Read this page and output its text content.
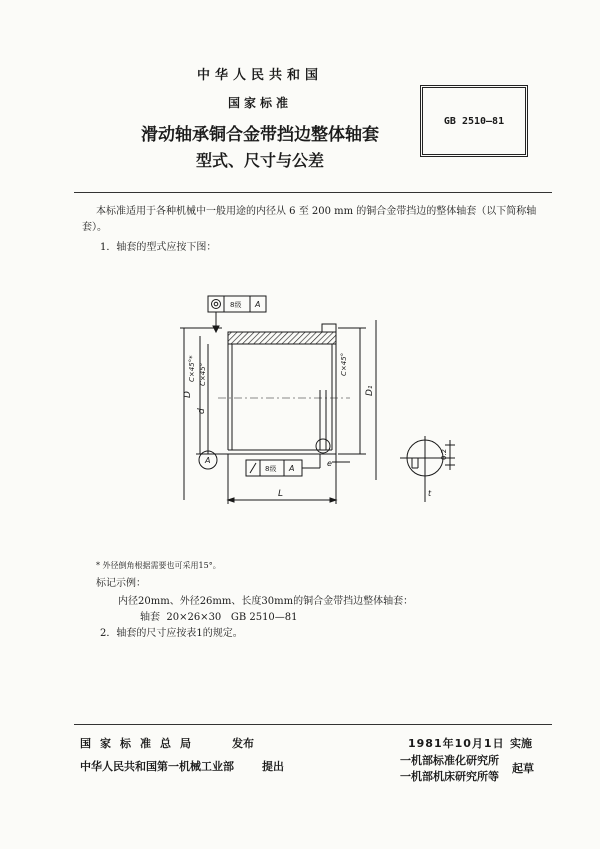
中华人民共和国
国家标准
滑动轴承铜合金带挡边整体轴套
型式、尺寸与公差
GB 2510—81
本标准适用于各种机械中一般用途的内径从 6 至 200 mm 的铜合金带挡边的整体轴套（以下简称轴套）。
1．轴套的型式应按下图：
8级 A
C×45°* C×45°
D
d
A
C×45°
D₁
8级 A
e
L
0.2
t
* 外径倒角根据需要也可采用15°。
标记示例：
内径20mm、外径26mm、长度30mm的铜合金带挡边整体轴套：
轴套  20×26×30   GB 2510—81
2．轴套的尺寸应按表1的规定。
国家标准总局	发布	1981年10月1日 实施
中华人民共和国第一机械工业部	提出	一机部标准化研究所
一机部机床研究所等
起草
